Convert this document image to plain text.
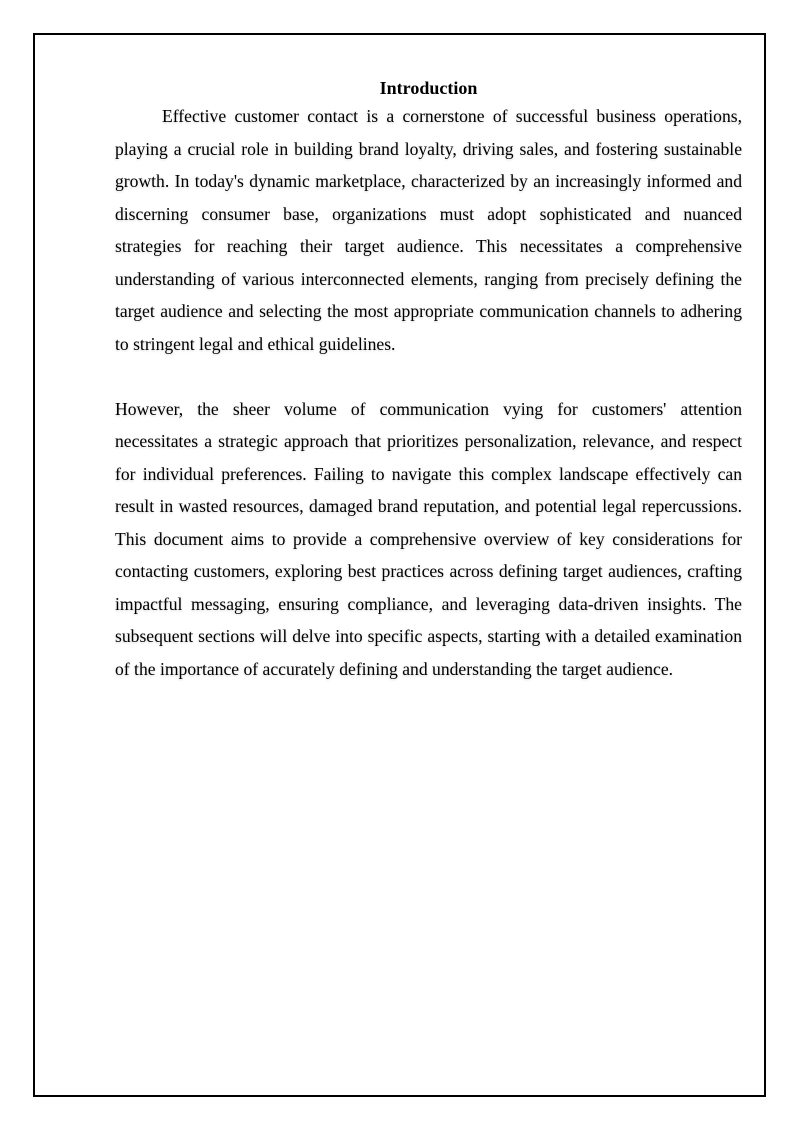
Introduction

Effective customer contact is a cornerstone of successful business operations, playing a crucial role in building brand loyalty, driving sales, and fostering sustainable growth. In today's dynamic marketplace, characterized by an increasingly informed and discerning consumer base, organizations must adopt sophisticated and nuanced strategies for reaching their target audience. This necessitates a comprehensive understanding of various interconnected elements, ranging from precisely defining the target audience and selecting the most appropriate communication channels to adhering to stringent legal and ethical guidelines.

However, the sheer volume of communication vying for customers' attention necessitates a strategic approach that prioritizes personalization, relevance, and respect for individual preferences. Failing to navigate this complex landscape effectively can result in wasted resources, damaged brand reputation, and potential legal repercussions. This document aims to provide a comprehensive overview of key considerations for contacting customers, exploring best practices across defining target audiences, crafting impactful messaging, ensuring compliance, and leveraging data-driven insights. The subsequent sections will delve into specific aspects, starting with a detailed examination of the importance of accurately defining and understanding the target audience.
